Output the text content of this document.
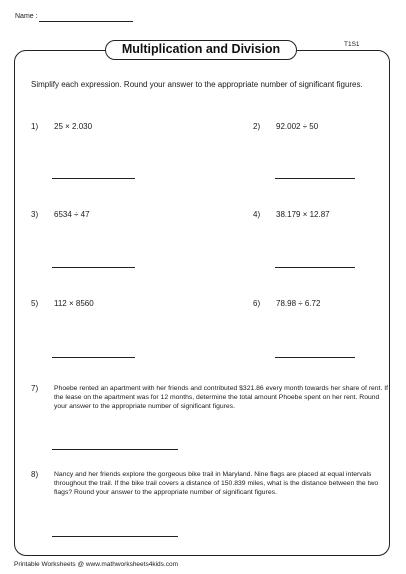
Name :
Multiplication and Division	T1S1
Simplify each expression. Round your answer to the appropriate number of significant figures.
1) 25 × 2.030	2) 92.002 ÷ 50
3) 6534 ÷ 47	4) 38.179 × 12.87
5) 112 × 8560	6) 78.98 ÷ 6.72
7) Phoebe rented an apartment with her friends and contributed $321.86 every month towards her share of rent. If the lease on the apartment was for 12 months, determine the total amount Phoebe spent on her rent. Round your answer to the appropriate number of significant figures.
8) Nancy and her friends explore the gorgeous bike trail in Maryland. Nine flags are placed at equal intervals throughout the trail. If the bike trail covers a distance of 150.839 miles, what is the distance between the two flags? Round your answer to the appropriate number of significant figures.
Printable Worksheets @ www.mathworksheets4kids.com
